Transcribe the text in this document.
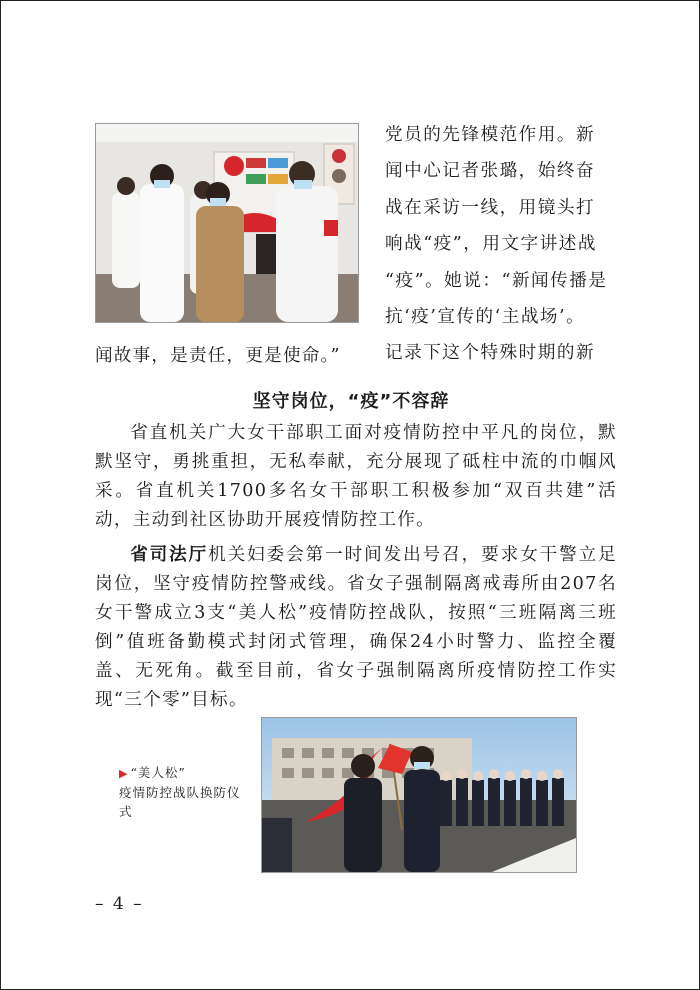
党员的先锋模范作用。新

闻中心记者张璐，始终奋

战在采访一线，用镜头打

响战“疫”，用文字讲述战

“疫”。她说：“新闻传播是

抗‘疫’宣传的‘主战场’。

记录下这个特殊时期的新

闻故事，是责任，更是使命。”
坚守岗位，“疫”不容辞

省直机关广大女干部职工面对疫情防控中平凡的岗位，默默坚守，勇挑重担，无私奉献，充分展现了砥柱中流的巾帼风采。省直机关1700多名女干部职工积极参加“双百共建”活动，主动到社区协助开展疫情防控工作。

省司法厅机关妇委会第一时间发出号召，要求女干警立足岗位，坚守疫情防控警戒线。省女子强制隔离戒毒所由207名女干警成立3支“美人松”疫情防控战队，按照“三班隔离三班倒”值班备勤模式封闭式管理，确保24小时警力、监控全覆盖、无死角。截至目前，省女子强制隔离所疫情防控工作实现“三个零”目标。

▶ “美人松”
疫情防控战队换防仪式
– 4 –
